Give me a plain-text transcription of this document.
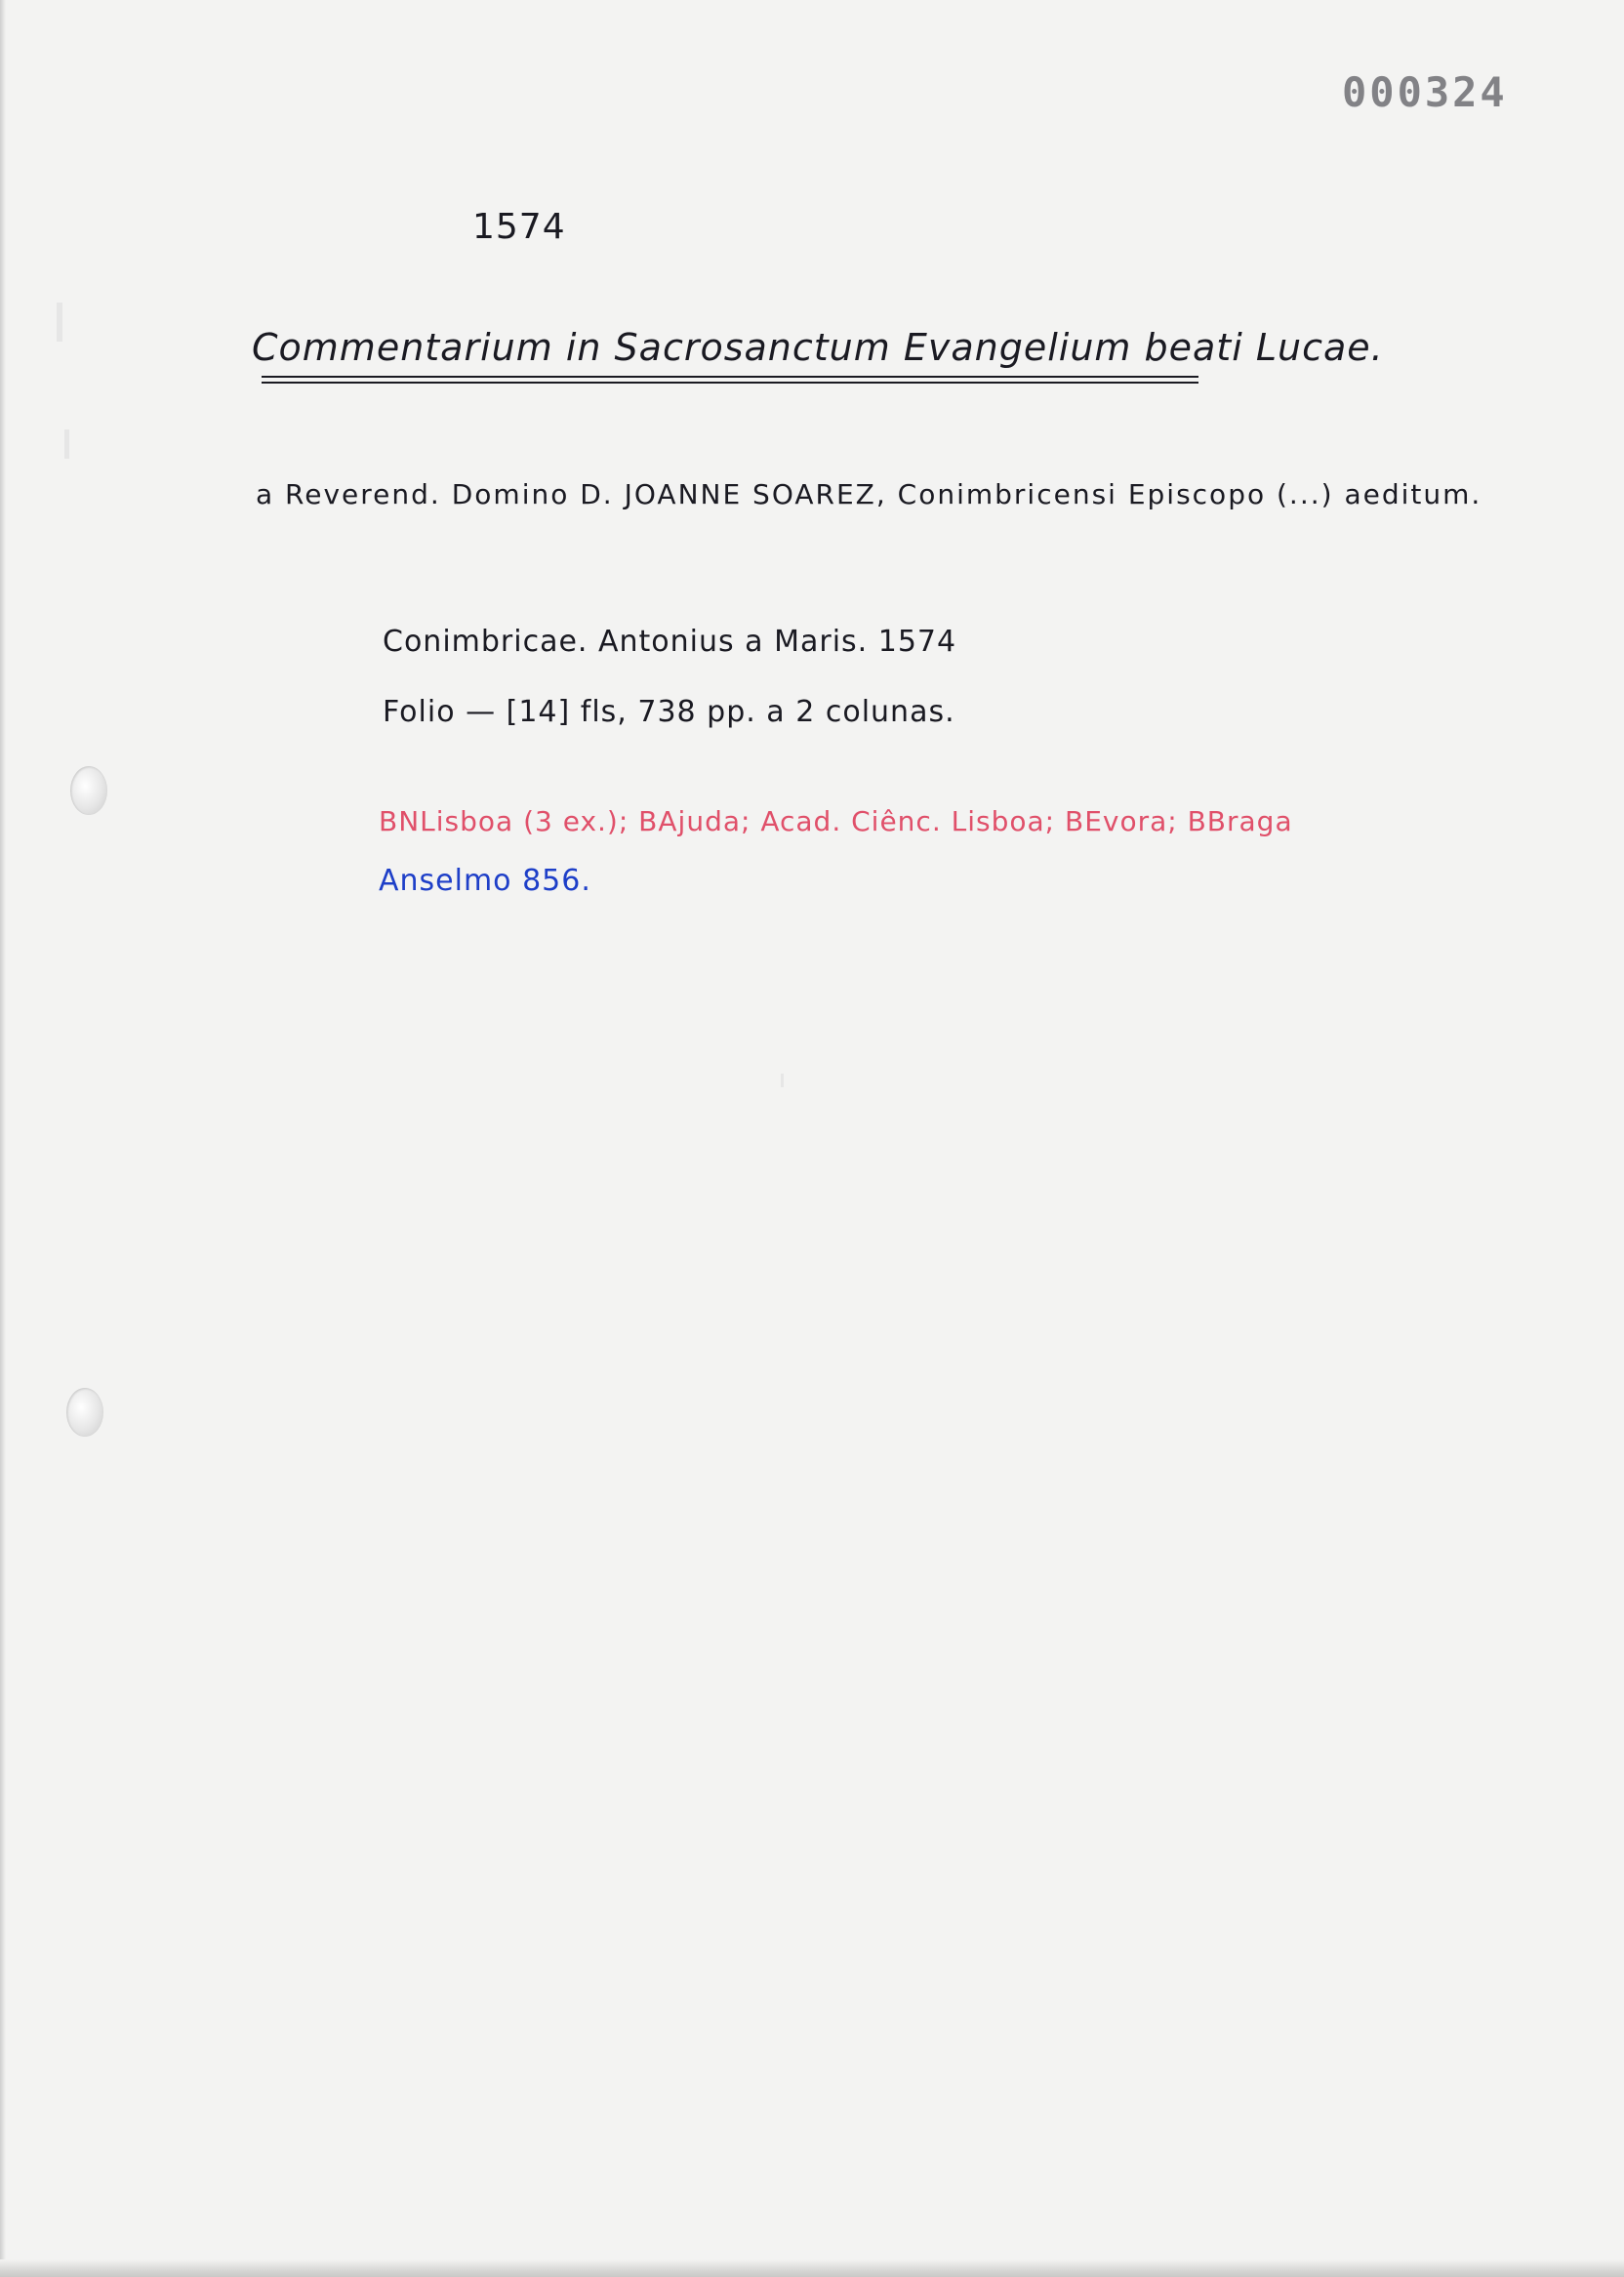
000324
1574
Commentarium in Sacrosanctum Evangelium beati Lucae.
a Reverend. Domino D. JOANNE SOAREZ, Conimbricensi Episcopo (...) aeditum.
Conimbricae. Antonius a Maris. 1574
Folio — [14] fls, 738 pp. a 2 colunas.
BNLisboa (3 ex.); BAjuda; Acad. Ciênc. Lisboa; BEvora; BBraga
Anselmo 856.
